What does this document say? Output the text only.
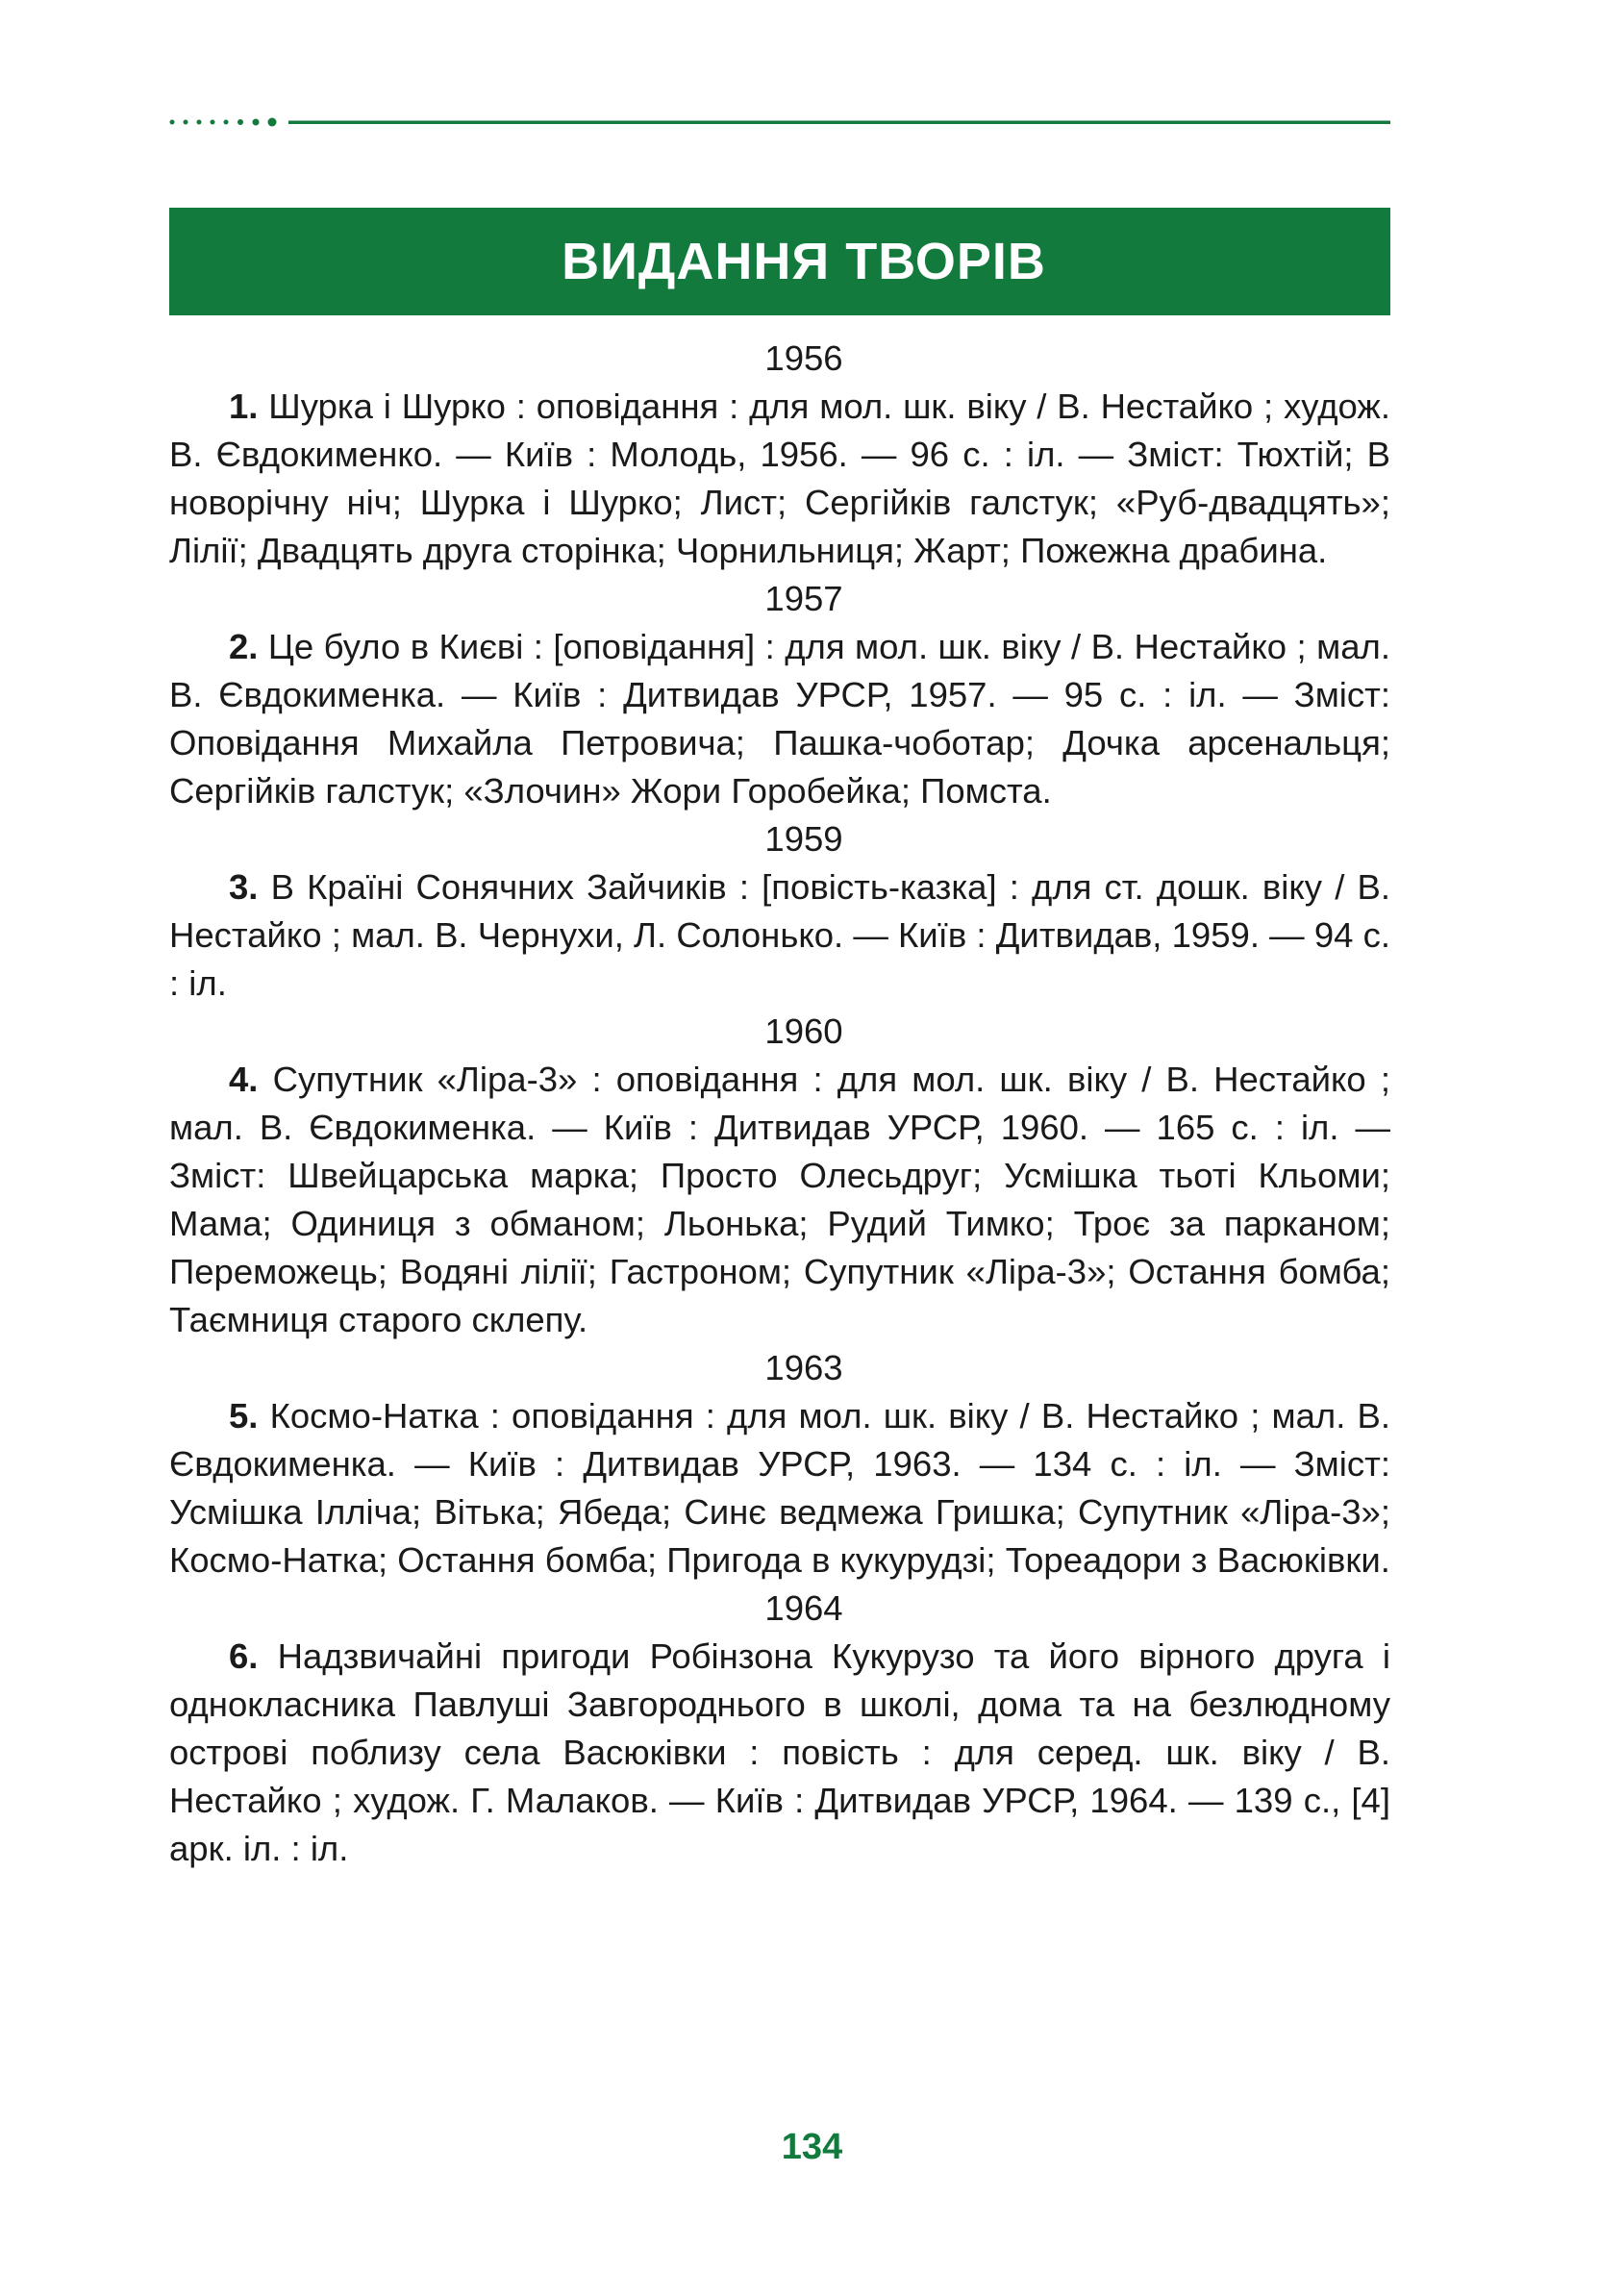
ВИДАННЯ ТВОРІВ
1956
1. Шурка і Шурко : оповідання : для мол. шк. віку / В. Нестайко ; худож. В. Євдокименко. — Київ : Молодь, 1956. — 96 с. : іл. — Зміст: Тюхтій; В новорічну ніч; Шурка і Шурко; Лист; Сергійків галстук; «Руб-двадцять»; Лілії; Двадцять друга сторінка; Чорнильниця; Жарт; Пожежна драбина.
1957
2. Це було в Києві : [оповідання] : для мол. шк. віку / В. Нестайко ; мал. В. Євдокименка. — Київ : Дитвидав УРСР, 1957. — 95 с. : іл. — Зміст: Оповідання Михайла Петровича; Пашка-чоботар; Дочка арсенальця; Сергійків галстук; «Злочин» Жори Горобейка; Помста.
1959
3. В Країні Сонячних Зайчиків : [повість-казка] : для ст. дошк. віку / В. Нестайко ; мал. В. Чернухи, Л. Солонько. — Київ : Дитвидав, 1959. — 94 с. : іл.
1960
4. Супутник «Ліра-3» : оповідання : для мол. шк. віку / В. Нестайко ; мал. В. Євдокименка. — Київ : Дитвидав УРСР, 1960. — 165 с. : іл. — Зміст: Швейцарська марка; Просто Олесьдруг; Усмішка тьоті Кльоми; Мама; Одиниця з обманом; Льонька; Рудий Тимко; Троє за парканом; Переможець; Водяні лілії; Гастроном; Супутник «Ліра-3»; Остання бомба; Таємниця старого склепу.
1963
5. Космо-Натка : оповідання : для мол. шк. віку / В. Нестайко ; мал. В. Євдокименка. — Київ : Дитвидав УРСР, 1963. — 134 с. : іл. — Зміст: Усмішка Ілліча; Вітька; Ябеда; Синє ведмежа Гришка; Супутник «Ліра-3»; Космо-Натка; Остання бомба; Пригода в кукурудзі; Тореадори з Васюківки.
1964
6. Надзвичайні пригоди Робінзона Кукурузо та його вірного друга і однокласника Павлуші Завгороднього в школі, дома та на безлюдному острові поблизу села Васюківки : повість : для серед. шк. віку / В. Нестайко ; худож. Г. Малаков. — Київ : Дитвидав УРСР, 1964. — 139 с., [4] арк. іл. : іл.
134
